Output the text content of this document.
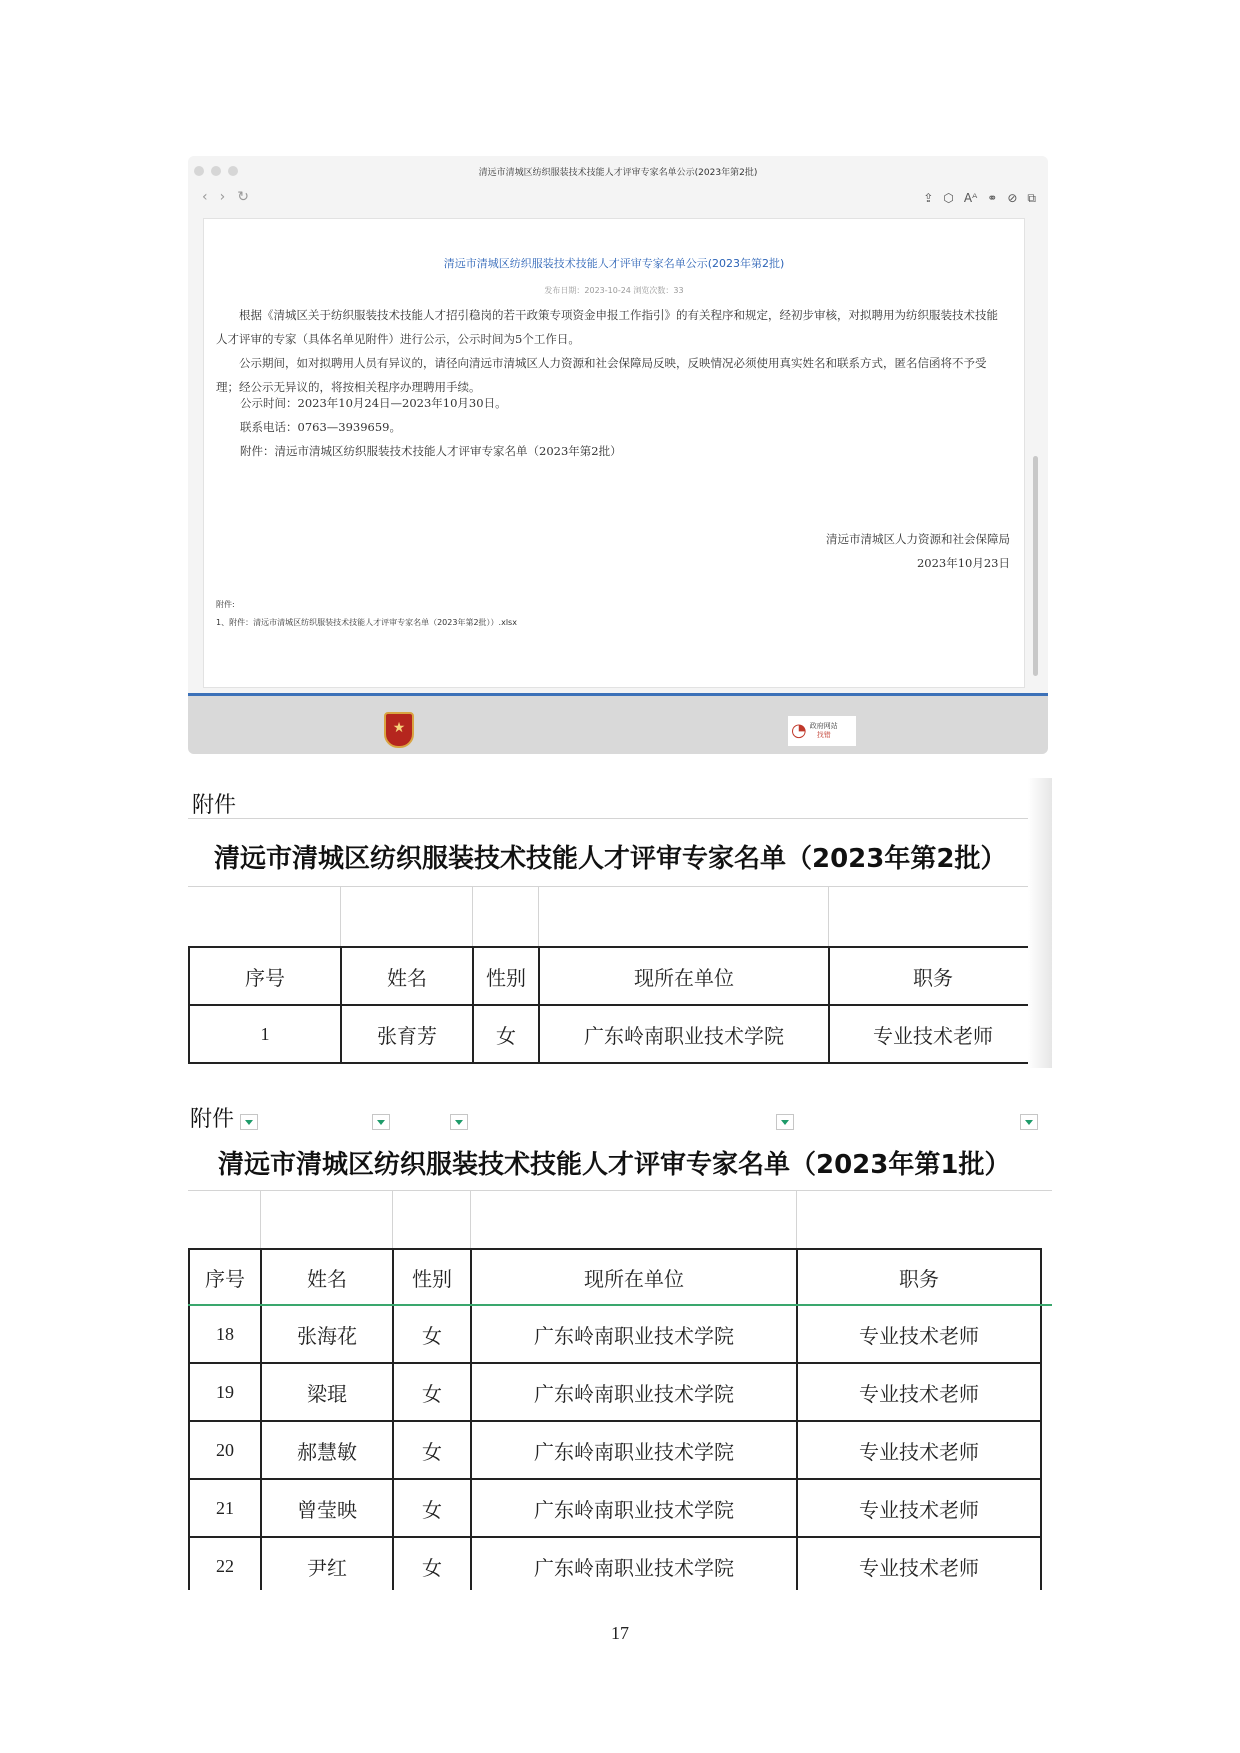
清远市清城区纺织服装技术技能人才评审专家名单公示(2023年第2批)
‹ › ↻	⇪ ⬡ Aᴬ ⚭ ⊘ ⧉
清远市清城区纺织服装技术技能人才评审专家名单公示(2023年第2批)
发布日期：2023-10-24 浏览次数：33
根据《清城区关于纺织服装技术技能人才招引稳岗的若干政策专项资金申报工作指引》的有关程序和规定，经初步审核，对拟聘用为纺织服装技术技能人才评审的专家（具体名单见附件）进行公示，公示时间为5个工作日。
公示期间，如对拟聘用人员有异议的，请径向清远市清城区人力资源和社会保障局反映，反映情况必须使用真实姓名和联系方式，匿名信函将不予受理；经公示无异议的，将按相关程序办理聘用手续。
公示时间：2023年10月24日—2023年10月30日。
联系电话：0763—3939659。
附件：清远市清城区纺织服装技术技能人才评审专家名单（2023年第2批）
清远市清城区人力资源和社会保障局
2023年10月23日
附件:
1、附件：清远市清城区纺织服装技术技能人才评审专家名单（2023年第2批））.xlsx
★	◔ 政府网站
找错
附件
清远市清城区纺织服装技术技能人才评审专家名单（2023年第2批）
序号	姓名	性别	现所在单位	职务
1	张育芳	女	广东岭南职业技术学院	专业技术老师
附件
清远市清城区纺织服装技术技能人才评审专家名单（2023年第1批）
序号	姓名	性别	现所在单位	职务
18	张海花	女	广东岭南职业技术学院	专业技术老师
19	梁琨	女	广东岭南职业技术学院	专业技术老师
20	郝慧敏	女	广东岭南职业技术学院	专业技术老师
21	曾莹映	女	广东岭南职业技术学院	专业技术老师
22	尹红	女	广东岭南职业技术学院	专业技术老师
17
